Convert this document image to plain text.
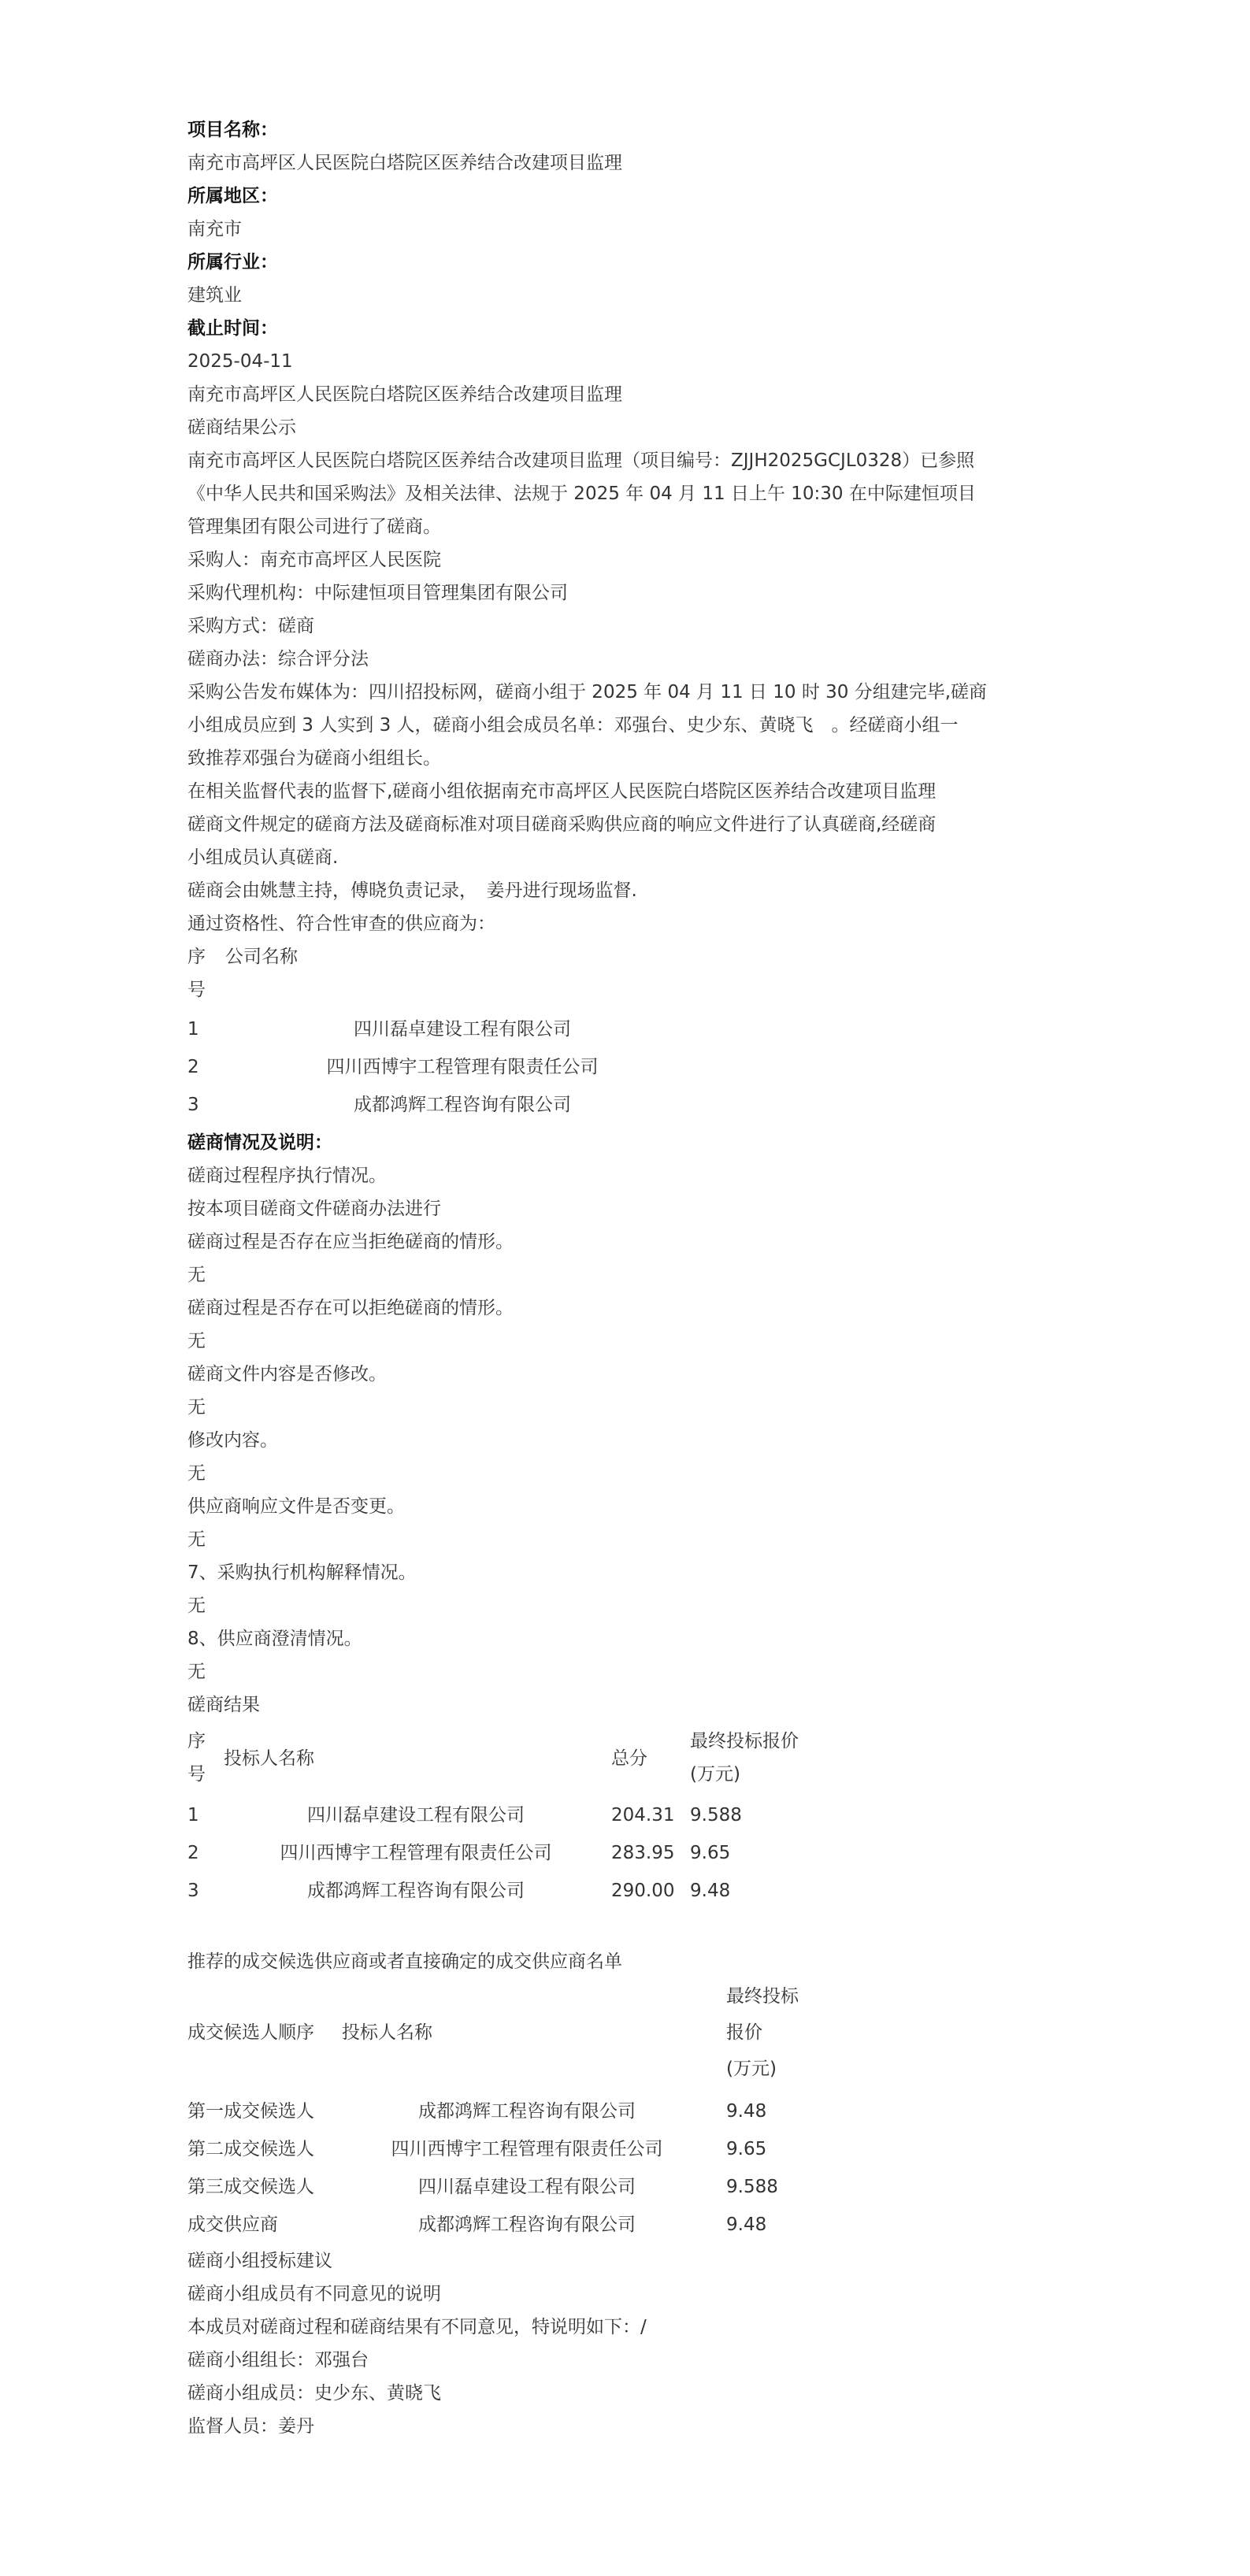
项目名称：
南充市高坪区人民医院白塔院区医养结合改建项目监理
所属地区：
南充市
所属行业：
建筑业
截止时间：
2025-04-11
南充市高坪区人民医院白塔院区医养结合改建项目监理
磋商结果公示
南充市高坪区人民医院白塔院区医养结合改建项目监理（项目编号：ZJJH2025GCJL0328）已参照
《中华人民共和国采购法》及相关法律、法规于 2025 年 04 月 11 日上午 10:30 在中际建恒项目
管理集团有限公司进行了磋商。
采购人：南充市高坪区人民医院
采购代理机构：中际建恒项目管理集团有限公司
采购方式：磋商
磋商办法：综合评分法
采购公告发布媒体为：四川招投标网，磋商小组于 2025 年 04 月 11 日 10 时 30 分组建完毕,磋商
小组成员应到 3 人实到 3 人，磋商小组会成员名单：邓强台、史少东、黄晓飞　。经磋商小组一
致推荐邓强台为磋商小组组长。
在相关监督代表的监督下,磋商小组依据南充市高坪区人民医院白塔院区医养结合改建项目监理
磋商文件规定的磋商方法及磋商标准对项目磋商采购供应商的响应文件进行了认真磋商,经磋商
小组成员认真磋商.
磋商会由姚慧主持，傅晓负责记录，　姜丹进行现场监督.
通过资格性、符合性审查的供应商为：
序 公司名称
号
1	四川磊卓建设工程有限公司
2	四川西博宇工程管理有限责任公司
3	成都鸿辉工程咨询有限公司
磋商情况及说明：
磋商过程程序执行情况。
按本项目磋商文件磋商办法进行
磋商过程是否存在应当拒绝磋商的情形。
无
磋商过程是否存在可以拒绝磋商的情形。
无
磋商文件内容是否修改。
无
修改内容。
无
供应商响应文件是否变更。
无
7、采购执行机构解释情况。
无
8、供应商澄清情况。
无
磋商结果
序
号
投标人名称	总分
最终投标报价
(万元)
1	四川磊卓建设工程有限公司	204.31 9.588
2	四川西博宇工程管理有限责任公司	283.95 9.65
3	成都鸿辉工程咨询有限公司	290.00 9.48
推荐的成交候选供应商或者直接确定的成交供应商名单
最终投标
成交候选人顺序 投标人名称	报价
(万元)
第一成交候选人	成都鸿辉工程咨询有限公司	9.48
第二成交候选人	四川西博宇工程管理有限责任公司	9.65
第三成交候选人	四川磊卓建设工程有限公司	9.588
成交供应商	成都鸿辉工程咨询有限公司	9.48
磋商小组授标建议
磋商小组成员有不同意见的说明
本成员对磋商过程和磋商结果有不同意见，特说明如下：/
磋商小组组长：邓强台
磋商小组成员：史少东、黄晓飞
监督人员：姜丹
